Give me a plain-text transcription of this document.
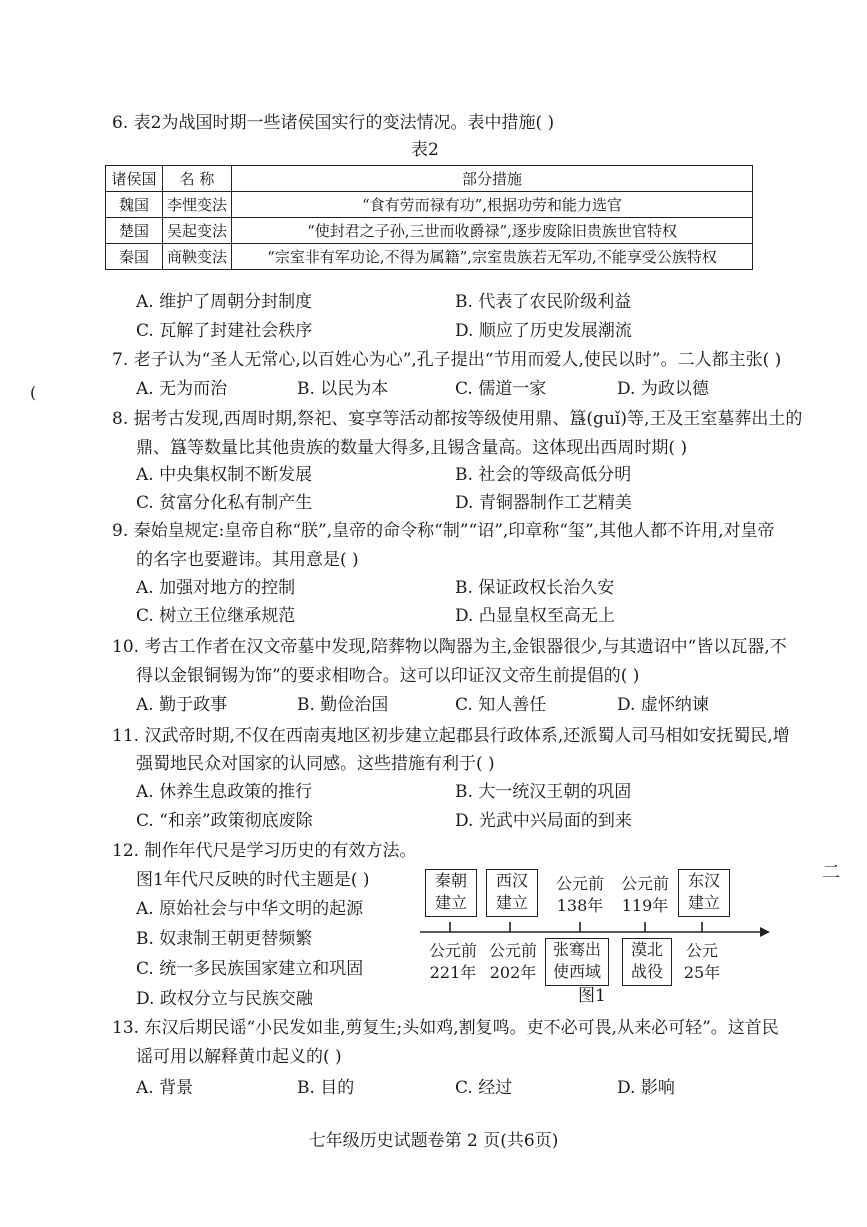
6. 表2为战国时期一些诸侯国实行的变法情况。表中措施( )
表2
诸侯国	名 称	部分措施
魏国	李悝变法	“食有劳而禄有功”,根据功劳和能力选官
楚国	吴起变法	“使封君之子孙,三世而收爵禄”,逐步废除旧贵族世官特权
秦国	商鞅变法	“宗室非有军功论,不得为属籍”,宗室贵族若无军功,不能享受公族特权
A. 维护了周朝分封制度	B. 代表了农民阶级利益
C. 瓦解了封建社会秩序	D. 顺应了历史发展潮流
7. 老子认为“圣人无常心,以百姓心为心”,孔子提出“节用而爱人,使民以时”。二人都主张( )
A. 无为而治	B. 以民为本	C. 儒道一家	D. 为政以德
8. 据考古发现,西周时期,祭祀、宴享等活动都按等级使用鼎、簋(guǐ)等,王及王室墓葬出土的
鼎、簋等数量比其他贵族的数量大得多,且锡含量高。这体现出西周时期( )
A. 中央集权制不断发展	B. 社会的等级高低分明
C. 贫富分化私有制产生	D. 青铜器制作工艺精美
9. 秦始皇规定:皇帝自称“朕”,皇帝的命令称“制”“诏”,印章称“玺”,其他人都不许用,对皇帝
的名字也要避讳。其用意是( )
A. 加强对地方的控制	B. 保证政权长治久安
C. 树立王位继承规范	D. 凸显皇权至高无上
10. 考古工作者在汉文帝墓中发现,陪葬物以陶器为主,金银器很少,与其遗诏中“皆以瓦器,不
得以金银铜锡为饰”的要求相吻合。这可以印证汉文帝生前提倡的( )
A. 勤于政事	B. 勤俭治国	C. 知人善任	D. 虚怀纳谏
11. 汉武帝时期,不仅在西南夷地区初步建立起郡县行政体系,还派蜀人司马相如安抚蜀民,增
强蜀地民众对国家的认同感。这些措施有利于( )
A. 休养生息政策的推行	B. 大一统汉王朝的巩固
C. “和亲”政策彻底废除	D. 光武中兴局面的到来
12. 制作年代尺是学习历史的有效方法。
图1年代尺反映的时代主题是( )
A. 原始社会与中华文明的起源
B. 奴隶制王朝更替频繁
C. 统一多民族国家建立和巩固
D. 政权分立与民族交融
秦朝
建立
西汉
建立
公元前
138年
公元前
119年
东汉
建立
公元前
221年
公元前
202年
张骞出
使西域
漠北
战役
公元
25年
图1
13. 东汉后期民谣“小民发如韭,剪复生;头如鸡,割复鸣。吏不必可畏,从来必可轻”。这首民
谣可用以解释黄巾起义的( )
A. 背景	B. 目的	C. 经过	D. 影响
七年级历史试题卷第 2 页(共6页)
(
二
